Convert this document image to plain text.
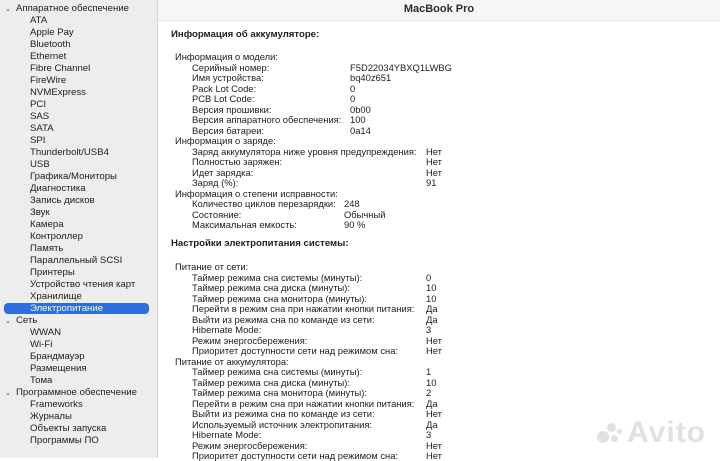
⌄ Аппаратное обеспечение
ATA
Apple Pay
Bluetooth
Ethernet
Fibre Channel
FireWire
NVMExpress
PCI
SAS
SATA
SPI
Thunderbolt/USB4
USB
Графика/Мониторы
Диагностика
Запись дисков
Звук
Камера
Контроллер
Память
Параллельный SCSI
Принтеры
Устройство чтения карт
Хранилище
Электропитание
⌄ Сеть
WWAN
Wi-Fi
Брандмауэр
Размещения
Тома
⌄ Программное обеспечение
Frameworks
Журналы
Объекты запуска
Программы ПО
MacBook Pro
Информация об аккумуляторе:
Информация о модели:
Серийный номер:	F5D22034YBXQ1LWBG
Имя устройства:	bq40z651
Pack Lot Code:	0
PCB Lot Code:	0
Версия прошивки:	0b00
Версия аппаратного обеспечения: 100
Версия батареи:	0a14
Информация о заряде:
Заряд аккумулятора ниже уровня предупреждения: Нет
Полностью заряжен:	Нет
Идет зарядка:	Нет
Заряд (%):	91
Информация о степени исправности:
Количество циклов перезарядки: 248
Состояние:	Обычный
Максимальная емкость:	90 %
Настройки электропитания системы:
Питание от сети:
Таймер режима сна системы (минуты):	0
Таймер режима сна диска (минуты):	10
Таймер режима сна монитора (минуты):	10
Перейти в режим сна при нажатии кнопки питания: Да
Выйти из режима сна по команде из сети:	Да
Hibernate Mode:	3
Режим энергосбережения:	Нет
Приоритет доступности сети над режимом сна:	Нет
Питание от аккумулятора:
Таймер режима сна системы (минуты):	1
Таймер режима сна диска (минуты):	10
Таймер режима сна монитора (минуты):	2
Перейти в режим сна при нажатии кнопки питания: Да
Выйти из режима сна по команде из сети:	Нет
Используемый источник электропитания:	Да
Hibernate Mode:	3
Режим энергосбережения:	Нет
Приоритет доступности сети над режимом сна:	Нет
Avito
